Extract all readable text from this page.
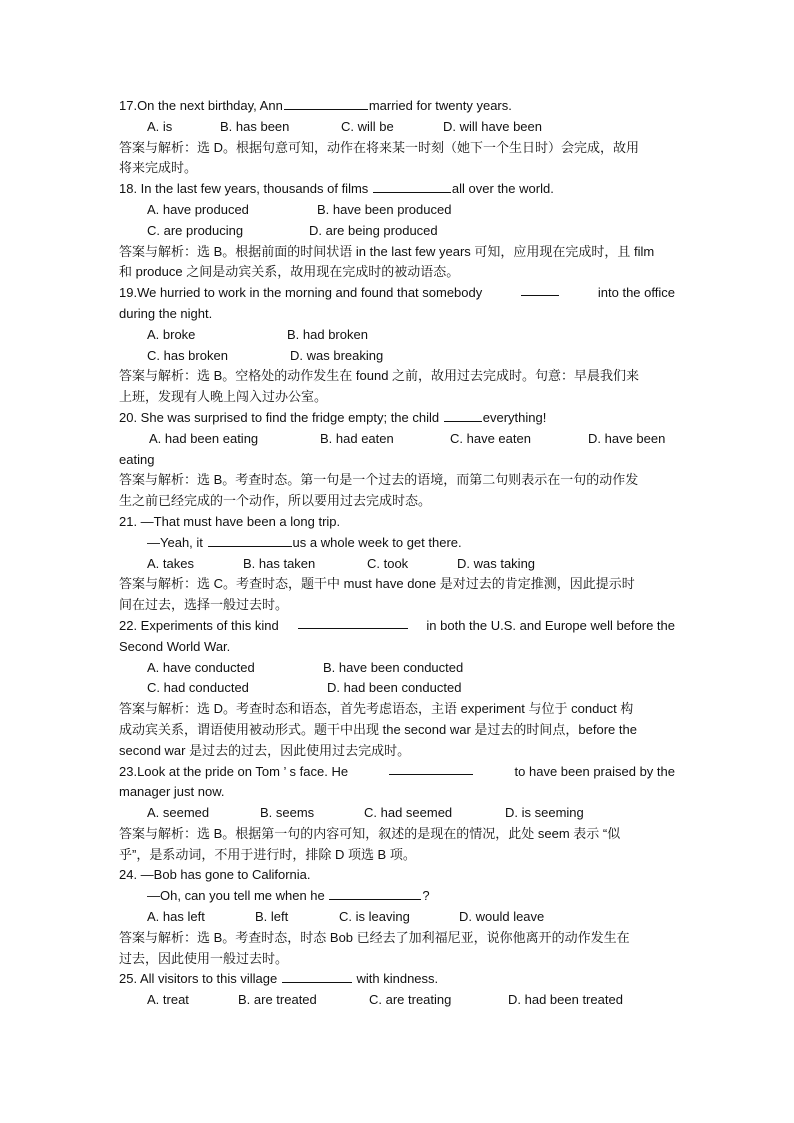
17.On the next birthday, Ann	married for twenty years.
A. is	B. has been	C. will be	D. will have been

答案与解析：选 D。根据句意可知，动作在将来某一时刻（她下一个生日时）会完成，故用
将来完成时。
18. In the last few years, thousands of films	all over the world.
A. have produced	B. have been produced

C. are producing	D. are being produced

答案与解析：选 B。根据前面的时间状语 in the last few years 可知，应用现在完成时，且 film
和 produce 之间是动宾关系，故用现在完成时的被动语态。
19.We hurried to work in the morning and found that somebody	into the office
during the night.
A. broke	B. had broken

C. has broken	D. was breaking

答案与解析：选 B。空格处的动作发生在 found 之前，故用过去完成时。句意：早晨我们来
上班，发现有人晚上闯入过办公室。
20. She was surprised to find the fridge empty; the child	everything!
A. had been eating	B. had eaten	C. have eaten	D. have been

eating
答案与解析：选 B。考查时态。第一句是一个过去的语境，而第二句则表示在一句的动作发
生之前已经完成的一个动作，所以要用过去完成时态。
21. —That must have been a long trip.
—Yeah, it	us a whole week to get there.
A. takes	B. has taken	C. took	D. was taking

答案与解析：选 C。考查时态，题干中 must have done 是对过去的肯定推测，因此提示时
间在过去，选择一般过去时。
22. Experiments of this kind	in both the U.S. and Europe well before the
Second World War.
A. have conducted	B. have been conducted

C. had conducted	D. had been conducted

答案与解析：选 D。考查时态和语态，首先考虑语态，主语 experiment 与位于 conduct 构
成动宾关系，谓语使用被动形式。题干中出现 the second war 是过去的时间点，before the
second war 是过去的过去，因此使用过去完成时。
23.Look at the pride on Tom ’ s face. He	to have been praised by the
manager just now.
A. seemed	B. seems	C. had seemed	D. is seeming

答案与解析：选 B。根据第一句的内容可知，叙述的是现在的情况，此处 seem 表示 “似
乎”，是系动词，不用于进行时，排除 D 项选 B 项。
24. —Bob has gone to California.
—Oh, can you tell me when he	?
A. has left	B. left	C. is leaving	D. would leave

答案与解析：选 B。考查时态，时态 Bob 已经去了加利福尼亚，说你他离开的动作发生在
过去，因此使用一般过去时。
25. All visitors to this village	with kindness.
A. treat	B. are treated	C. are treating	D. had been treated
